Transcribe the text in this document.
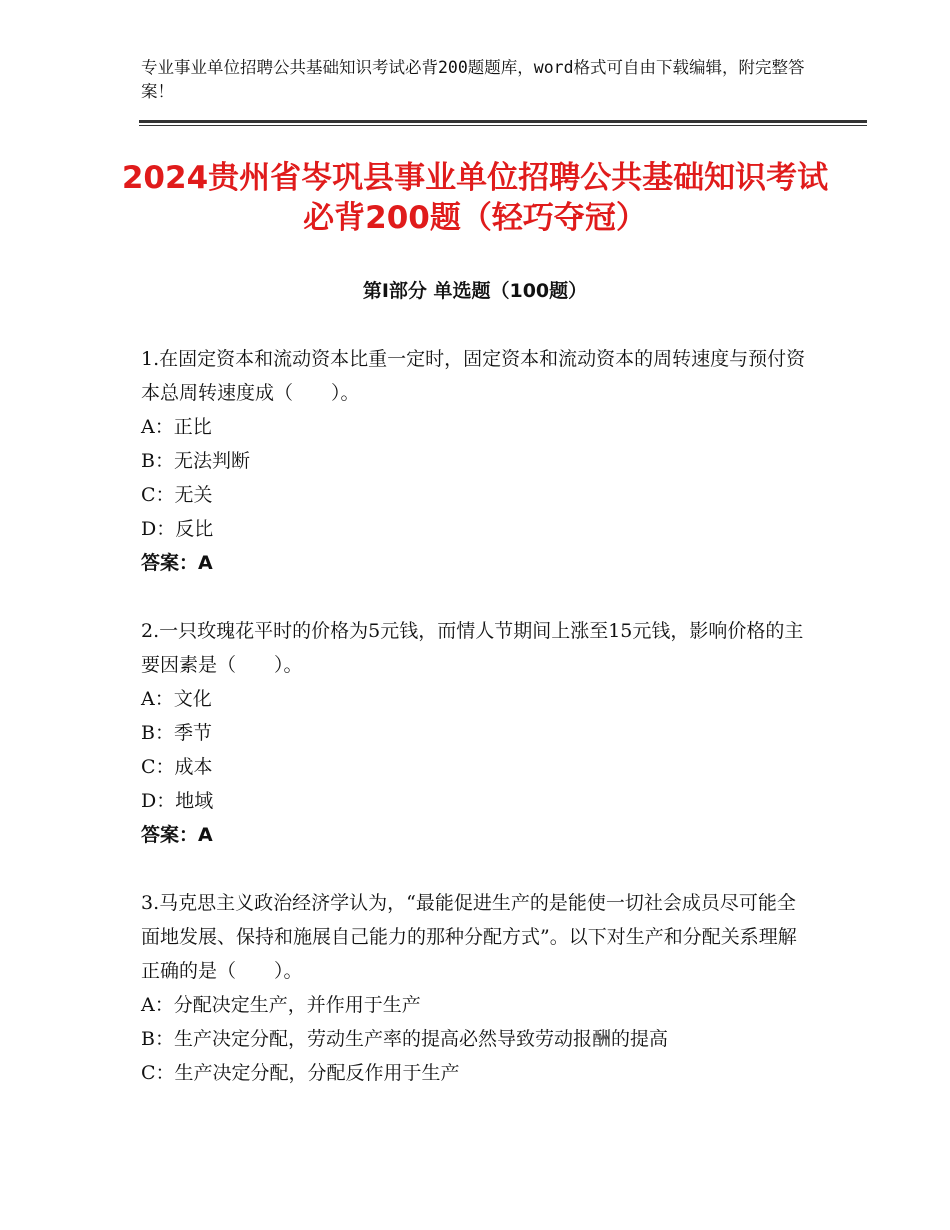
专业事业单位招聘公共基础知识考试必背200题题库，word格式可自由下载编辑，附完整答案！
2024贵州省岑巩县事业单位招聘公共基础知识考试必背200题（轻巧夺冠）
第Ⅰ部分 单选题（100题）

1.在固定资本和流动资本比重一定时，固定资本和流动资本的周转速度与预付资本总周转速度成（　　）。

A：正比

B：无法判断

C：无关

D：反比

答案：A

2.一只玫瑰花平时的价格为5元钱，而情人节期间上涨至15元钱，影响价格的主要因素是（　　）。

A：文化

B：季节

C：成本

D：地域

答案：A

3.马克思主义政治经济学认为，“最能促进生产的是能使一切社会成员尽可能全面地发展、保持和施展自己能力的那种分配方式”。以下对生产和分配关系理解正确的是（　　）。

A：分配决定生产，并作用于生产

B：生产决定分配，劳动生产率的提高必然导致劳动报酬的提高

C：生产决定分配，分配反作用于生产
